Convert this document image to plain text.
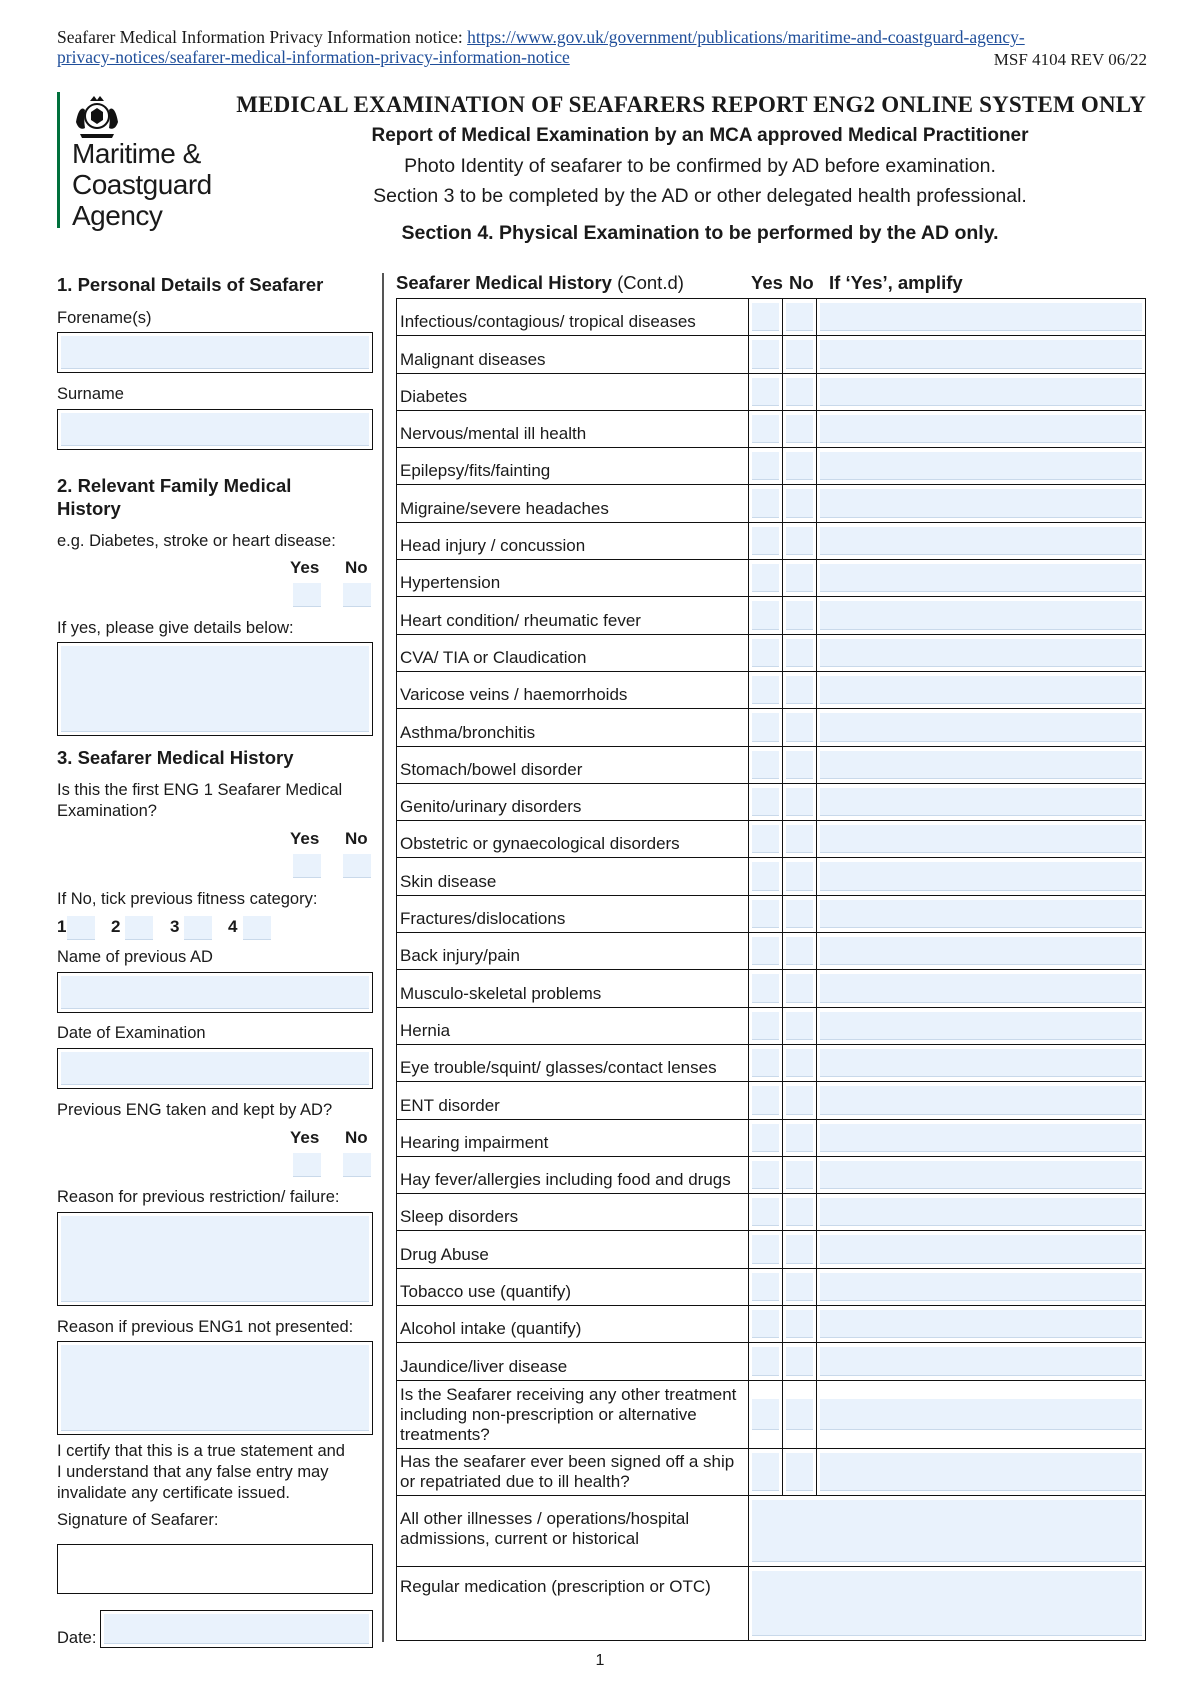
Seafarer Medical Information Privacy Information notice: https://www.gov.uk/government/publications/maritime-and-coastguard-agency-
privacy-notices/seafarer-medical-information-privacy-information-notice	MSF 4104 REV 06/22
Maritime &
Coastguard
Agency
MEDICAL EXAMINATION OF SEAFARERS REPORT ENG2 ONLINE SYSTEM ONLY
Report of Medical Examination by an MCA approved Medical Practitioner
Photo Identity of seafarer to be confirmed by AD before examination.
Section 3 to be completed by the AD or other delegated health professional.
Section 4. Physical Examination to be performed by the AD only.
1. Personal Details of Seafarer
Forename(s)
Surname
2. Relevant Family Medical
History
e.g. Diabetes, stroke or heart disease:
Yes No
If yes, please give details below:
3. Seafarer Medical History
Is this the first ENG 1 Seafarer Medical
Examination?
Yes No
If No, tick previous fitness category:
1	2	3	4
Name of previous AD
Date of Examination
Previous ENG taken and kept by AD?
Yes No
Reason for previous restriction/ failure:
Reason if previous ENG1 not presented:
I certify that this is a true statement and
I understand that any false entry may
invalidate any certificate issued.
Signature of Seafarer:
Date:
Seafarer Medical History (Cont.d)	Yes No If ‘Yes’, amplify
Infectious/contagious/ tropical diseases
Malignant diseases
Diabetes
Nervous/mental ill health
Epilepsy/fits/fainting
Migraine/severe headaches
Head injury / concussion
Hypertension
Heart condition/ rheumatic fever
CVA/ TIA or Claudication
Varicose veins / haemorrhoids
Asthma/bronchitis
Stomach/bowel disorder
Genito/urinary disorders
Obstetric or gynaecological disorders
Skin disease
Fractures/dislocations
Back injury/pain
Musculo-skeletal problems
Hernia
Eye trouble/squint/ glasses/contact lenses
ENT disorder
Hearing impairment
Hay fever/allergies including food and drugs
Sleep disorders
Drug Abuse
Tobacco use (quantify)
Alcohol intake (quantify)
Jaundice/liver disease
Is the Seafarer receiving any other treatment including non-prescription or alternative treatments?
Has the seafarer ever been signed off a ship or repatriated due to ill health?
All other illnesses / operations/hospital admissions, current or historical
Regular medication (prescription or OTC)
1
